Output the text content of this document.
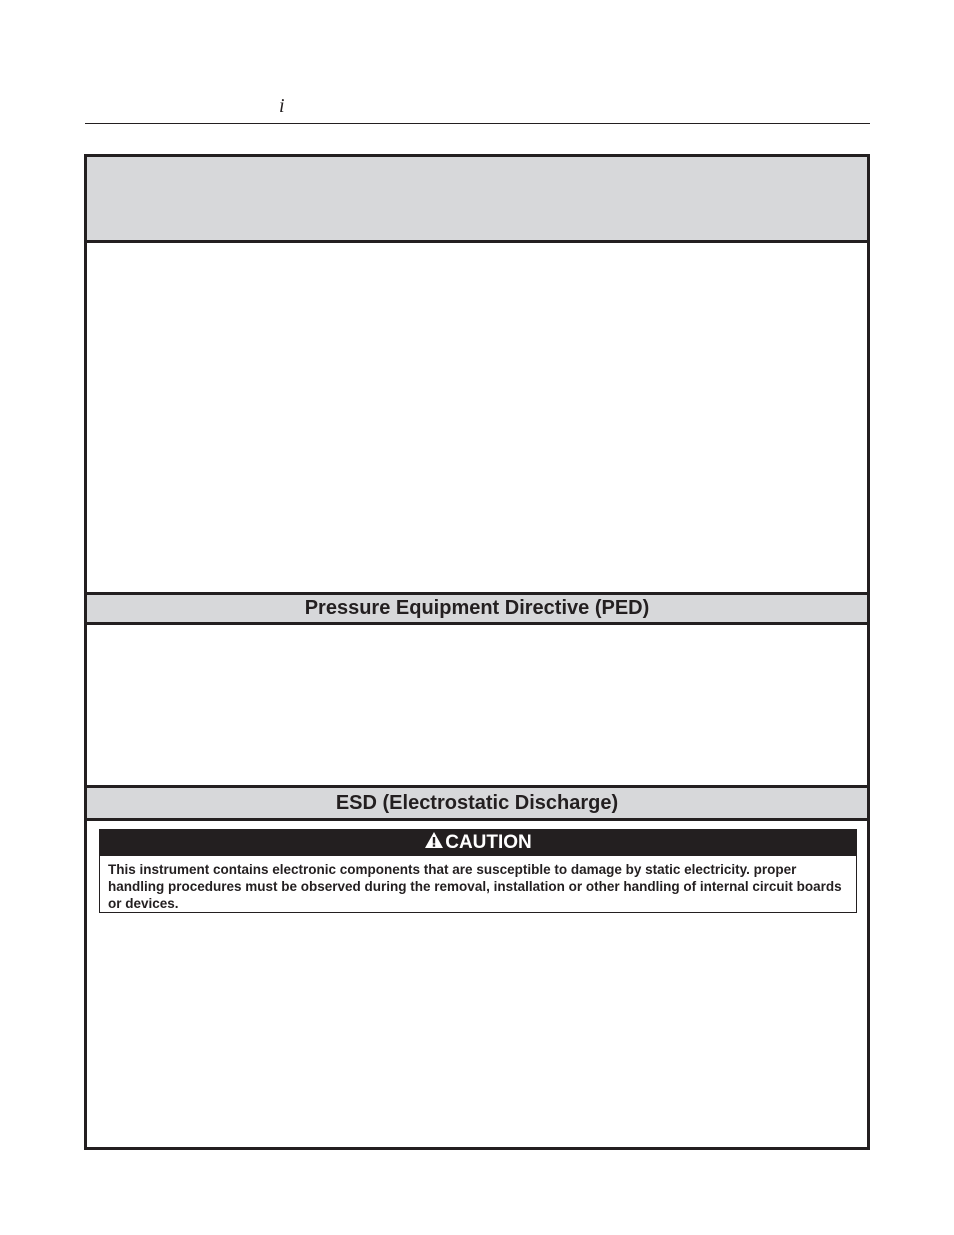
i
Pressure Equipment Directive (PED)
ESD (Electrostatic Discharge)
CAUTION
This instrument contains electronic components that are susceptible to damage by static electricity. proper handling procedures must be observed during the removal, installation or other handling of internal circuit boards or devices.
